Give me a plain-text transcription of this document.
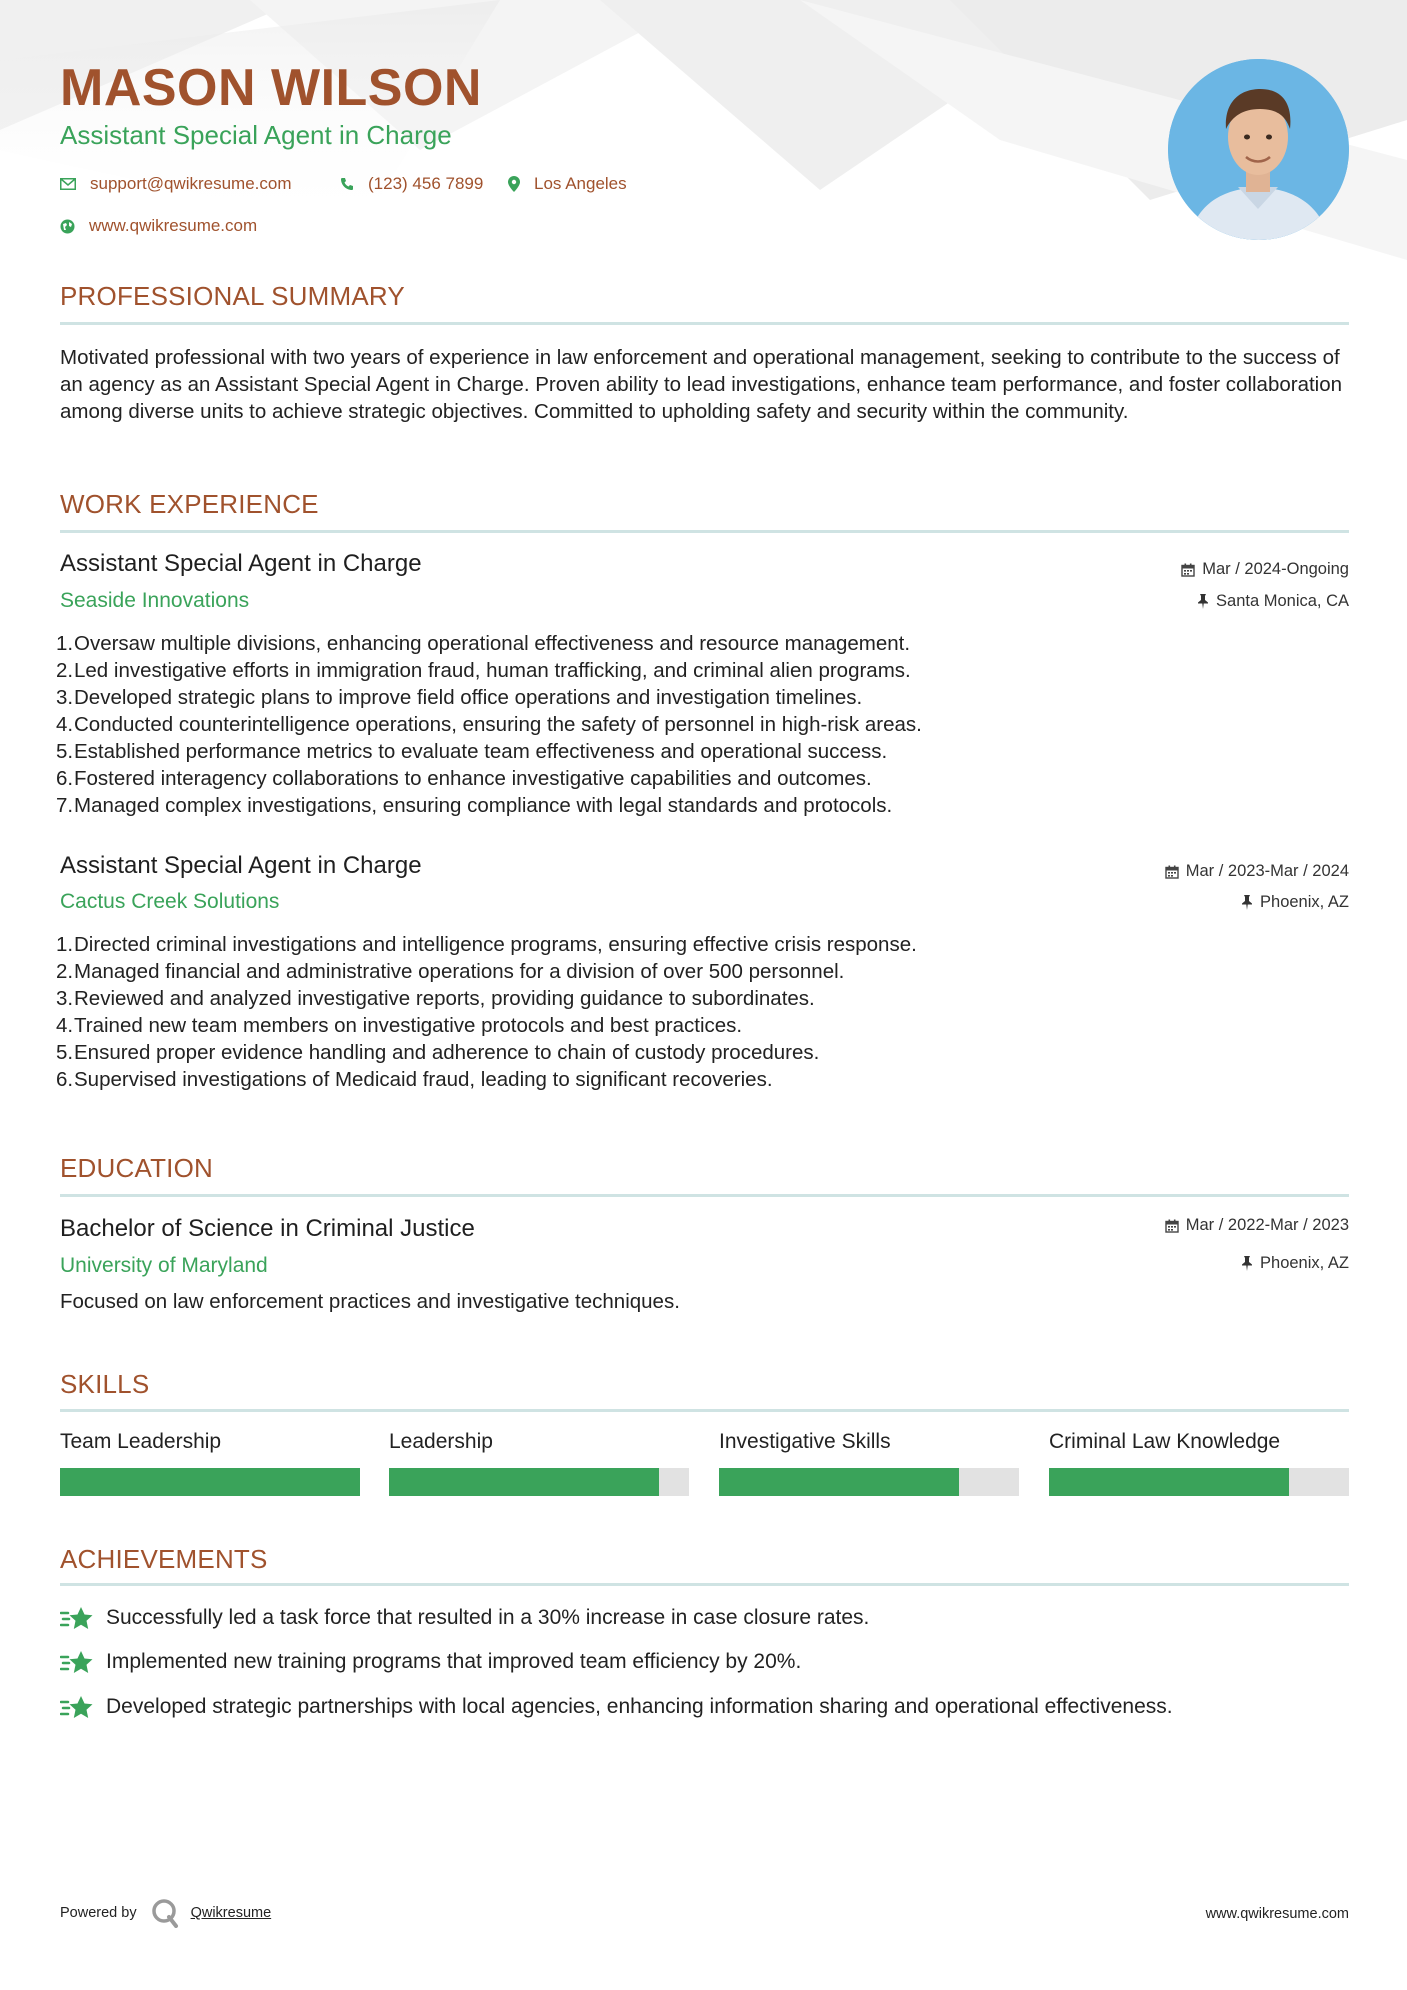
MASON WILSON
Assistant Special Agent in Charge
support@qwikresume.com	(123) 456 7899	Los Angeles
www.qwikresume.com
PROFESSIONAL SUMMARY
Motivated professional with two years of experience in law enforcement and operational management, seeking to contribute to the success of an agency as an Assistant Special Agent in Charge. Proven ability to lead investigations, enhance team performance, and foster collaboration among diverse units to achieve strategic objectives. Committed to upholding safety and security within the community.
WORK EXPERIENCE
Assistant Special Agent in Charge
Seaside Innovations
Mar / 2024-Ongoing
Santa Monica, CA
1. Oversaw multiple divisions, enhancing operational effectiveness and resource management.
2. Led investigative efforts in immigration fraud, human trafficking, and criminal alien programs.
3. Developed strategic plans to improve field office operations and investigation timelines.
4. Conducted counterintelligence operations, ensuring the safety of personnel in high-risk areas.
5. Established performance metrics to evaluate team effectiveness and operational success.
6. Fostered interagency collaborations to enhance investigative capabilities and outcomes.
7. Managed complex investigations, ensuring compliance with legal standards and protocols.
Assistant Special Agent in Charge
Cactus Creek Solutions
Mar / 2023-Mar / 2024
Phoenix, AZ
1. Directed criminal investigations and intelligence programs, ensuring effective crisis response.
2. Managed financial and administrative operations for a division of over 500 personnel.
3. Reviewed and analyzed investigative reports, providing guidance to subordinates.
4. Trained new team members on investigative protocols and best practices.
5. Ensured proper evidence handling and adherence to chain of custody procedures.
6. Supervised investigations of Medicaid fraud, leading to significant recoveries.
EDUCATION
Bachelor of Science in Criminal Justice
University of Maryland
Mar / 2022-Mar / 2023
Phoenix, AZ
Focused on law enforcement practices and investigative techniques.
SKILLS
Team Leadership	Leadership	Investigative Skills	Criminal Law Knowledge
ACHIEVEMENTS
Successfully led a task force that resulted in a 30% increase in case closure rates.
Implemented new training programs that improved team efficiency by 20%.
Developed strategic partnerships with local agencies, enhancing information sharing and operational effectiveness.
Powered by	Qwikresume	www.qwikresume.com
